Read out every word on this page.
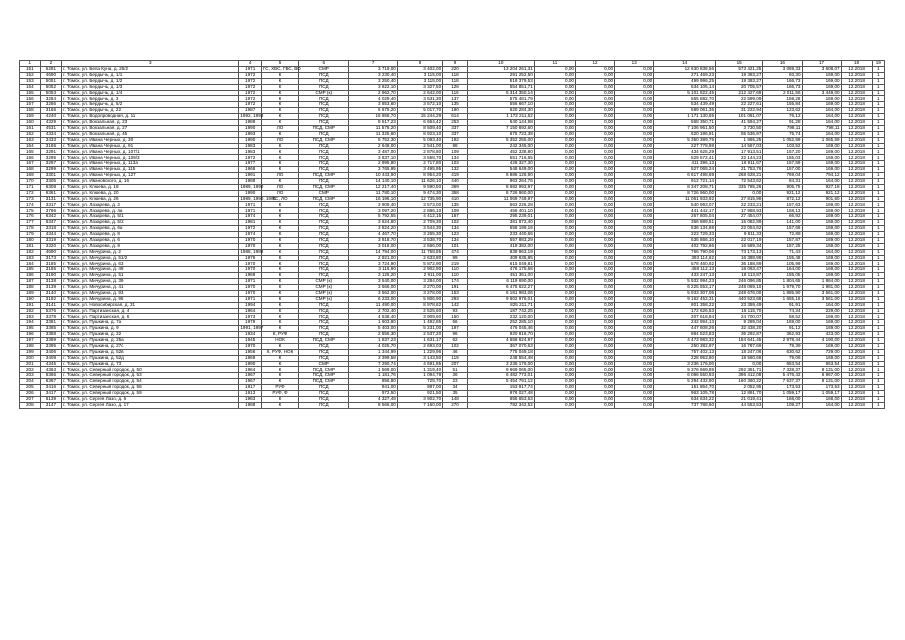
1	2	3	4	5	6	7	8	9	10	11	12	13	14	15	16	17	18	19
151	5281	г. Томск, ул. Бела Куна, д. 26/2	1971	ГС, ХВС, ГВС, ВО	СМР	3 719,00	3 402,00	220	13 204 261,31	0,00	0,00	0,00	12 630 839,56	573 421,25	3 069,33	3 608,07	12.2018	1
152	4690	г. Томск, ул. Бердычь, д. 1/1	1972	К	ПСД	3 230,40	3 115,00	118	291 252,50	0,00	0,00	0,00	271 469,23	19 383,27	93,30	169,00	12.2018	1
153	5051	г. Томск, ул. Бердычь, д. 1/2	1972	К	ПСД	3 250,40	3 115,00	118	519 379,53	0,00	0,00	0,00	499 996,25	19 383,27	166,73	169,00	12.2018	1
154	5052	г. Томск, ул. Бердычь, д. 1/3	1972	К	ПСД	3 622,10	3 327,50	126	554 851,71	0,00	0,00	0,00	534 105,14	20 705,57	166,73	169,00	12.2018	1
155	5053	г. Томск, ул. Бердычь, д. 1/4	1972	К	СМР (к)	2 962,70	2 642,00	116	5 314 350,14	0,00	0,00	0,00	5 101 822,45	212 427,69	2 011,56	3 449,00	12.2018	1
156	3284	г. Томск, ул. Бердычь, д. 3	1972	К	ПСД	4 029,40	3 631,30	137	575 481,79	0,00	0,00	0,00	555 882,70	22 599,09	159,28	169,00	12.2018	1
157	3286	г. Томск, ул. Бердычь, д. 5/2	1972	К	ПСД	3 853,60	3 572,10	135	556 667,10	0,00	0,00	0,00	534 439,49	22 227,61	155,84	169,00	12.2018	1
158	3166	г. Томск, ул. Бердычь, д. 22	1987	К	ПСД	5 675,20	5 017,70	190	620 284,30	0,00	0,00	0,00	589 061,36	31 222,94	123,62	164,00	12.2018	1
159	4240	г. Томск, ул. Водопроводная, д. 11	1992, 1993	К	ПСД	16 656,70	15 244,29	614	1 172 211,62	0,00	0,00	0,00	1 171 130,65	101 081,07	76,12	164,00	12.2018	1
160	4329	г. Томск, ул. Вокзальная, д. 23	1989	К	ПСД	8 517,23	6 664,42	253	640 144,98	0,00	0,00	0,00	568 350,71	41 594,27	91,28	164,00	12.2018	1
161	4531	г. Томск, ул. Вокзальная, д. 27	1990	ЛО	ПСД, СМР	11 578,20	8 509,40	337	7 150 692,60	0,00	0,00	0,00	7 106 961,50	3 730,50	798,11	798,11	12.2018	1
162	4334	г. Томск, ул. Вокзальная, д. 45	1993	К	ПСД	11 325,60	8 923,10	337	675 723,38	0,00	0,00	0,00	620 186,91	55 536,97	75,74	164,00	12.2018	1
163	3433	г. Томск, ул. Ивана Черных, д. 30	1990	ЛО	ПСД, СМР	5 752,30	5 083,40	192	5 352 255,00	0,00	0,00	0,00	5 350 389,75	1 865,25	1 052,89	1 065,59	12.2018	1
164	3186	г. Томск, ул. Ивана Черных, д. 91	1983	К	ПСД	2 648,00	2 541,00	88	242 345,00	0,00	0,00	0,00	227 778,98	14 567,03	103,52	169,00	12.2018	1
165	3291	г. Томск, ул. Ивана Черных, д. 107/1	1983	К	ПСД	3 487,00	2 878,80	109	452 338,80	0,00	0,00	0,00	434 625,29	17 913,51	157,20	169,00	12.2018	1
166	3295	г. Томск, ул. Ивана Черных, д. 109/3	1972	К	ПСД	3 837,10	3 558,70	134	551 716,65	0,00	0,00	0,00	529 572,41	22 144,23	155,03	169,00	12.2018	1
167	3297	г. Томск, ул. Ивана Черных, д. 113а	1977	К	ПСД	2 995,80	2 717,80	103	428 327,30	0,00	0,00	0,00	411 396,13	16 911,67	157,59	169,00	12.2018	1
168	3299	г. Томск, ул. Ивана Черных, д. 115	1968	К	ПСД	3 765,95	3 495,95	132	548 649,00	0,00	0,00	0,00	527 065,24	21 753,76	157,00	169,00	12.2018	1
169	3301	г. Томск, ул. Ивана Черных, д. 127	1991	ЛО	ПСД, СМР	10 443,90	8 954,20	419	6 886 126,90	0,00	0,00	0,00	6 617 498,69	268 628,21	769,04	794,12	12.2018	1
170	3305	г. Томск, ул. Ивановского, д. 16	1988	К	ПСД	14 140,10	11 626,10	440	963 264,76	0,00	0,00	0,00	912 721,14	72 543,62	84,31	164,00	12.2018	1
171	6308	г. Томск, ул. Клюева, д. 18	1989, 1990	ЛО	ПСД, СМР	12 217,40	9 590,50	369	8 682 993,97	0,00	0,00	0,00	8 347 208,71	335 785,26	905,75	927,18	12.2018	1
172	6361	г. Томск, ул. Клюева, д. 20	1990	ЛО	СМР	11 780,10	9 474,30	358	8 726 960,00	0,00	0,00	0,00	8 726 960,00	0,00	921,12	921,12	12.2018	1
173	3131	г. Томск, ул. Клюева, д. 26	1989, 1990, 1991	ТС, ЛО	ПСД, СМР	16 196,10	12 735,90	410	11 069 749,97	0,00	0,00	0,00	11 061 933,92	27 815,98	872,12	901,60	12.2018	1
174	3317	г. Томск, ул. Лазарева, д. 2	1971	К	ПСД	3 909,40	3 573,00	135	563 226,28	0,00	0,00	0,00	540 993,07	22 233,21	157,63	169,00	12.2018	1
175	3786	г. Томск, ул. Лазарева, д. 4а	1971	К	ПСД	3 097,20	2 886,10	109	456 401,10	0,00	0,00	0,00	441 442,17	17 958,93	158,13	169,00	12.2018	1
176	6342	г. Томск, ул. Лазарева, д. 5/1	1974	К	ПСД	5 792,55	4 412,15	167	295 239,01	0,00	0,00	0,00	267 805,04	27 454,07	66,92	169,00	12.2018	1
177	6347	г. Томск, ул. Лазарева, д. 5/2	1981	К	ПСД	3 624,80	2 709,30	102	381 872,40	0,00	0,00	0,00	366 889,51	15 082,89	141,00	169,00	12.2018	1
178	3318	г. Томск, ул. Лазарева, д. 6а	1972	К	ПСД	3 824,20	3 544,30	134	558 199,16	0,00	0,00	0,00	536 134,68	22 054,62	157,66	169,00	12.2018	1
179	4344	г. Томск, ул. Лазарева, д. 8	1974	К	ПСД	4 467,70	3 265,30	123	233 440,66	0,00	0,00	0,00	223 729,33	9 811,33	72,88	169,00	12.2018	1
180	3319	г. Томск, ул. Лазарева, д. 6	1970	К	ПСД	3 818,70	3 538,70	134	557 883,29	0,00	0,00	0,00	535 866,10	22 017,19	157,87	169,00	12.2018	1
181	3320	г. Томск, ул. Лазарева, д. 9	1970	К	ПСД	3 018,00	2 666,00	101	419 382,00	0,00	0,00	0,00	402 792,66	16 589,34	157,25	169,00	12.2018	1
182	4690	г. Томск, ул. Мичурина, д. 2	1988, 1989	К	ПСД	14 794,00	11 758,85	474	839 963,19	0,00	0,00	0,00	766 790,06	73 173,13	71,43	164,00	12.2018	1
183	3173	г. Томск, ул. Мичурина, д. 51/2	1976	К	ПСД	2 921,00	2 633,80	99	409 635,85	0,00	0,00	0,00	393 114,62	16 388,98	155,48	169,00	12.2018	1
184	3185	г. Томск, ул. Мичурина, д. 63	1970	К	ПСД	3 724,90	5 872,90	219	615 049,81	0,00	0,00	0,00	578 460,92	36 188,89	105,99	169,00	12.2018	1
185	3186	г. Томск, ул. Мичурина, д. 49	1970	К	ПСД	3 116,90	2 902,90	110	476 175,68	0,00	0,00	0,00	458 112,13	18 063,47	164,00	169,00	12.2018	1
186	3190	г. Томск, ул. Мичурина, д. 51	1969	К	ПСД	3 125,20	2 911,00	110	451 361,00	0,00	0,00	0,00	433 247,13	18 113,87	155,05	169,00	12.2018	1
187	3138	г. Томск, ул. Мичурина, д. 39	1971	К	СМР (к)	3 540,00	3 284,00	174	6 119 690,00	0,00	0,00	0,00	5 932 994,23	246 096,85	1 804,65	1 864,00	12.2018	1
188	3139	г. Томск, ул. Мичурина, д. 41	1970	К	СМР (к)	3 566,00	3 270,00	191	6 475 622,27	0,00	0,00	0,00	6 225 553,17	248 069,10	1 979,70	1 981,00	12.2018	1
189	3140	г. Томск, ул. Мичурина, д. 93	1970	К	СМР (к)	3 562,00	3 278,00	153	6 181 983,06	0,00	0,00	0,00	5 933 307,06	248 676,00	1 885,90	3 561,00	12.2018	1
190	3192	г. Томск, ул. Мичурина, д. 95	1971	К	СМР (к)	6 233,00	5 806,90	293	9 602 976,01	0,00	0,00	0,00	9 162 452,31	440 523,68	1 655,16	3 561,00	12.2018	1
191	3141	г. Томск, ул. Новосибирская, д. 31	1994	К	ПСД	11 490,00	8 978,62	142	825 211,71	0,00	0,00	0,00	801 358,22	23 359,49	91,91	164,00	12.2018	1
192	5376	г. Томск, ул. Партизанская, д. 4	1964	К	ПСД	2 702,40	2 525,60	93	187 742,25	0,00	0,00	0,00	172 626,53	15 115,70	74,34	229,00	12.2018	1
193	3378	г. Томск, ул. Партизанская, д. 6	1973	К	ПСД	4 538,40	3 909,60	150	232 120,00	0,00	0,00	0,00	207 618,94	24 700,07	58,52	169,00	12.2018	1
194	3381	г. Томск, ул. Пушкина, д. 7а	1979	К	ПСД	1 603,80	1 492,85	56	252 285,10	0,00	0,00	0,00	242 994,13	9 289,04	169,00	169,00	12.2018	1
195	3385	г. Томск, ул. Пушкина, д. 9	1991, 1997	К	ПСД	5 403,00	5 231,00	197	476 045,46	0,00	0,00	0,00	447 608,26	32 438,20	91,12	169,00	12.2018	1
196	3388	г. Томск, ул. Пушкина, д. 22	1934	К, РУФ	ПСД	2 856,30	2 537,20	96	920 816,70	0,00	0,00	0,00	884 523,83	36 292,87	362,93	423,00	12.2018	1
197	3389	г. Томск, ул. Пушкина, д. 25а	1945	НОК	ПСД, СМР	1 837,23	1 631,17	62	4 658 624,97	0,00	0,00	0,00	4 473 983,32	184 641,45	2 978,44	4 190,00	12.2018	1
198	3395	г. Томск, ул. Пушкина, д. 27с	1970	К	ПСД	4 025,70	2 693,03	102	367 070,63	0,00	0,00	0,00	250 382,97	16 787,66	79,39	169,00	12.2018	1
199	3406	г. Томск, ул. Пушкина, д. 52в	1956	К, РУФ, НОК	ПСД	1 344,99	1 229,96	46	775 049,18	0,00	0,00	0,00	757 402,13	18 247,06	630,62	729,00	12.2018	1
200	3408	г. Томск, ул. Пушкина, д. 52д	1969	К	ПСД	3 399,58	3 143,50	119	248 554,48	0,00	0,00	0,00	228 953,80	19 560,68	79,06	169,00	12.2018	1
201	4345	г. Томск, ул. Пушкина, д. 73	1990	К	СМР	7 290,74	4 691,85	207	3 236 176,00	0,00	0,00	0,00	3 236 176,00	0,00	653,54	653,54	12.2018	1
202	4363	г. Томск, ул. Северный городок, д. 50	1964	К	ПСД, СМР	1 569,00	1 319,40	51	9 669 065,00	0,00	0,00	0,00	9 376 669,89	292 351,71	7 328,37	8 131,00	12.2018	1
203	6366	г. Томск, ул. Северный городок, д. 53	1967	К	ПСД, СМР	1 181,76	1 094,78	36	6 482 773,01	0,00	0,00	0,00	6 086 550,93	396 412,08	5 476,42	6 967,00	12.2018	1
204	6367	г. Томск, ул. Северный городок, д. 54	1967	К	ПСД, СМР	856,80	725,70	23	5 454 791,12	0,00	0,00	0,00	5 294 432,90	160 360,22	7 537,37	8 131,00	12.2018	1
205	3416	г. Томск, ул. Северный городок, д. 58	1917	РУФ	ПСД	941,00	987,00	34	153 917,74	0,00	0,00	0,00	151 864,70	2 052,95	173,53	173,53	12.2018	1
206	3417	г. Томск, ул. Северный городок, д. 59	1913	РУФ, Ф	ПСД	972,50	921,50	35	976 027,48	0,00	0,00	0,00	963 105,78	12 891,70	1 059,17	1 059,17	12.2018	1
207	6139	г. Томск, ул. Сергея Лазо, д. 6	1983	К	ПСД	4 327,49	3 902,70	148	655 653,63	0,00	0,00	0,00	634 634,22	21 019,41	168,00	168,00	12.2018	1
208	3147	г. Томск, ул. Сергея Лазо, д. 17	1988	К	ПСД	8 566,00	7 160,00	270	782 342,52	0,00	0,00	0,00	737 788,60	44 553,53	109,27	164,00	12.2018	1
